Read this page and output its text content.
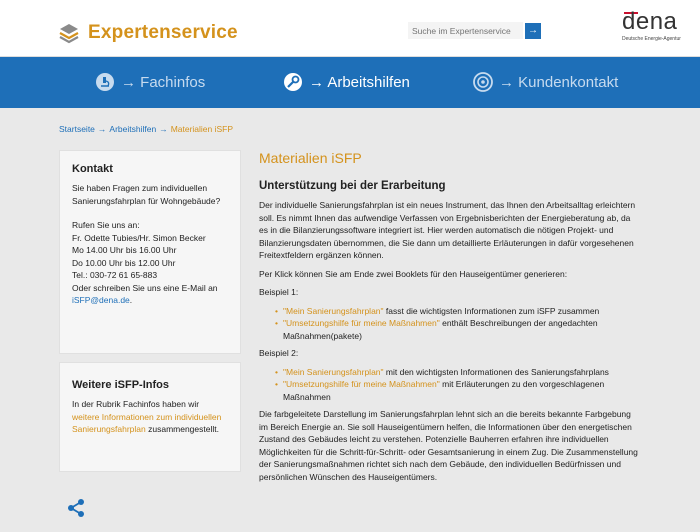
Expertenservice
Suche im Expertenservice	→	dena
Deutsche Energie-Agentur
→ Fachinfos	→ Arbeitshilfen	→ Kundenkontakt
Startseite → Arbeitshilfen → Materialien iSFP
Kontakt

Sie haben Fragen zum individuellen Sanierungsfahrplan für Wohngebäude?

Rufen Sie uns an:

Fr. Odette Tubies/Hr. Simon Becker

Mo 14.00 Uhr bis 16.00 Uhr

Do 10.00 Uhr bis 12.00 Uhr

Tel.: 030-72 61 65-883

Oder schreiben Sie uns eine E-Mail an

iSFP@dena.de.

Weitere iSFP-Infos

In der Rubrik Fachinfos haben wir weitere Informationen zum individuellen Sanierungsfahrplan zusammengestellt.

Materialien iSFP
Unterstützung bei der Erarbeitung

Der individuelle Sanierungsfahrplan ist ein neues Instrument, das Ihnen den Arbeitsalltag erleichtern soll. Es nimmt Ihnen das aufwendige Verfassen von Ergebnisberichten der Energieberatung ab, da es in die Bilanzierungssoftware integriert ist. Hier werden automatisch die nötigen Projekt- und Bilanzierungsdaten übernommen, die Sie dann um detaillierte Erläuterungen in dafür vorgesehenen Freitextfeldern ergänzen können.

Per Klick können Sie am Ende zwei Booklets für den Hauseigentümer generieren:

Beispiel 1:

• "Mein Sanierungsfahrplan" fasst die wichtigsten Informationen zum iSFP zusammen
• "Umsetzungshilfe für meine Maßnahmen" enthält Beschreibungen der angedachten Maßnahmen(pakete)

Beispiel 2:

• "Mein Sanierungsfahrplan" mit den wichtigsten Informationen des Sanierungsfahrplans
• "Umsetzungshilfe für meine Maßnahmen" mit Erläuterungen zu den vorgeschlagenen Maßnahmen

Die farbgeleitete Darstellung im Sanierungsfahrplan lehnt sich an die bereits bekannte Farbgebung im Bereich Energie an. Sie soll Hauseigentümern helfen, die Informationen über den energetischen Zustand des Gebäudes leicht zu verstehen. Potenzielle Bauherren erfahren ihre individuellen Möglichkeiten für die Schritt-für-Schritt- oder Gesamtsanierung in einem Zug. Die Zusammenstellung der Sanierungsmaßnahmen richtet sich nach dem Gebäude, den individuellen Bedürfnissen und persönlichen Wünschen des Hauseigentümers.
